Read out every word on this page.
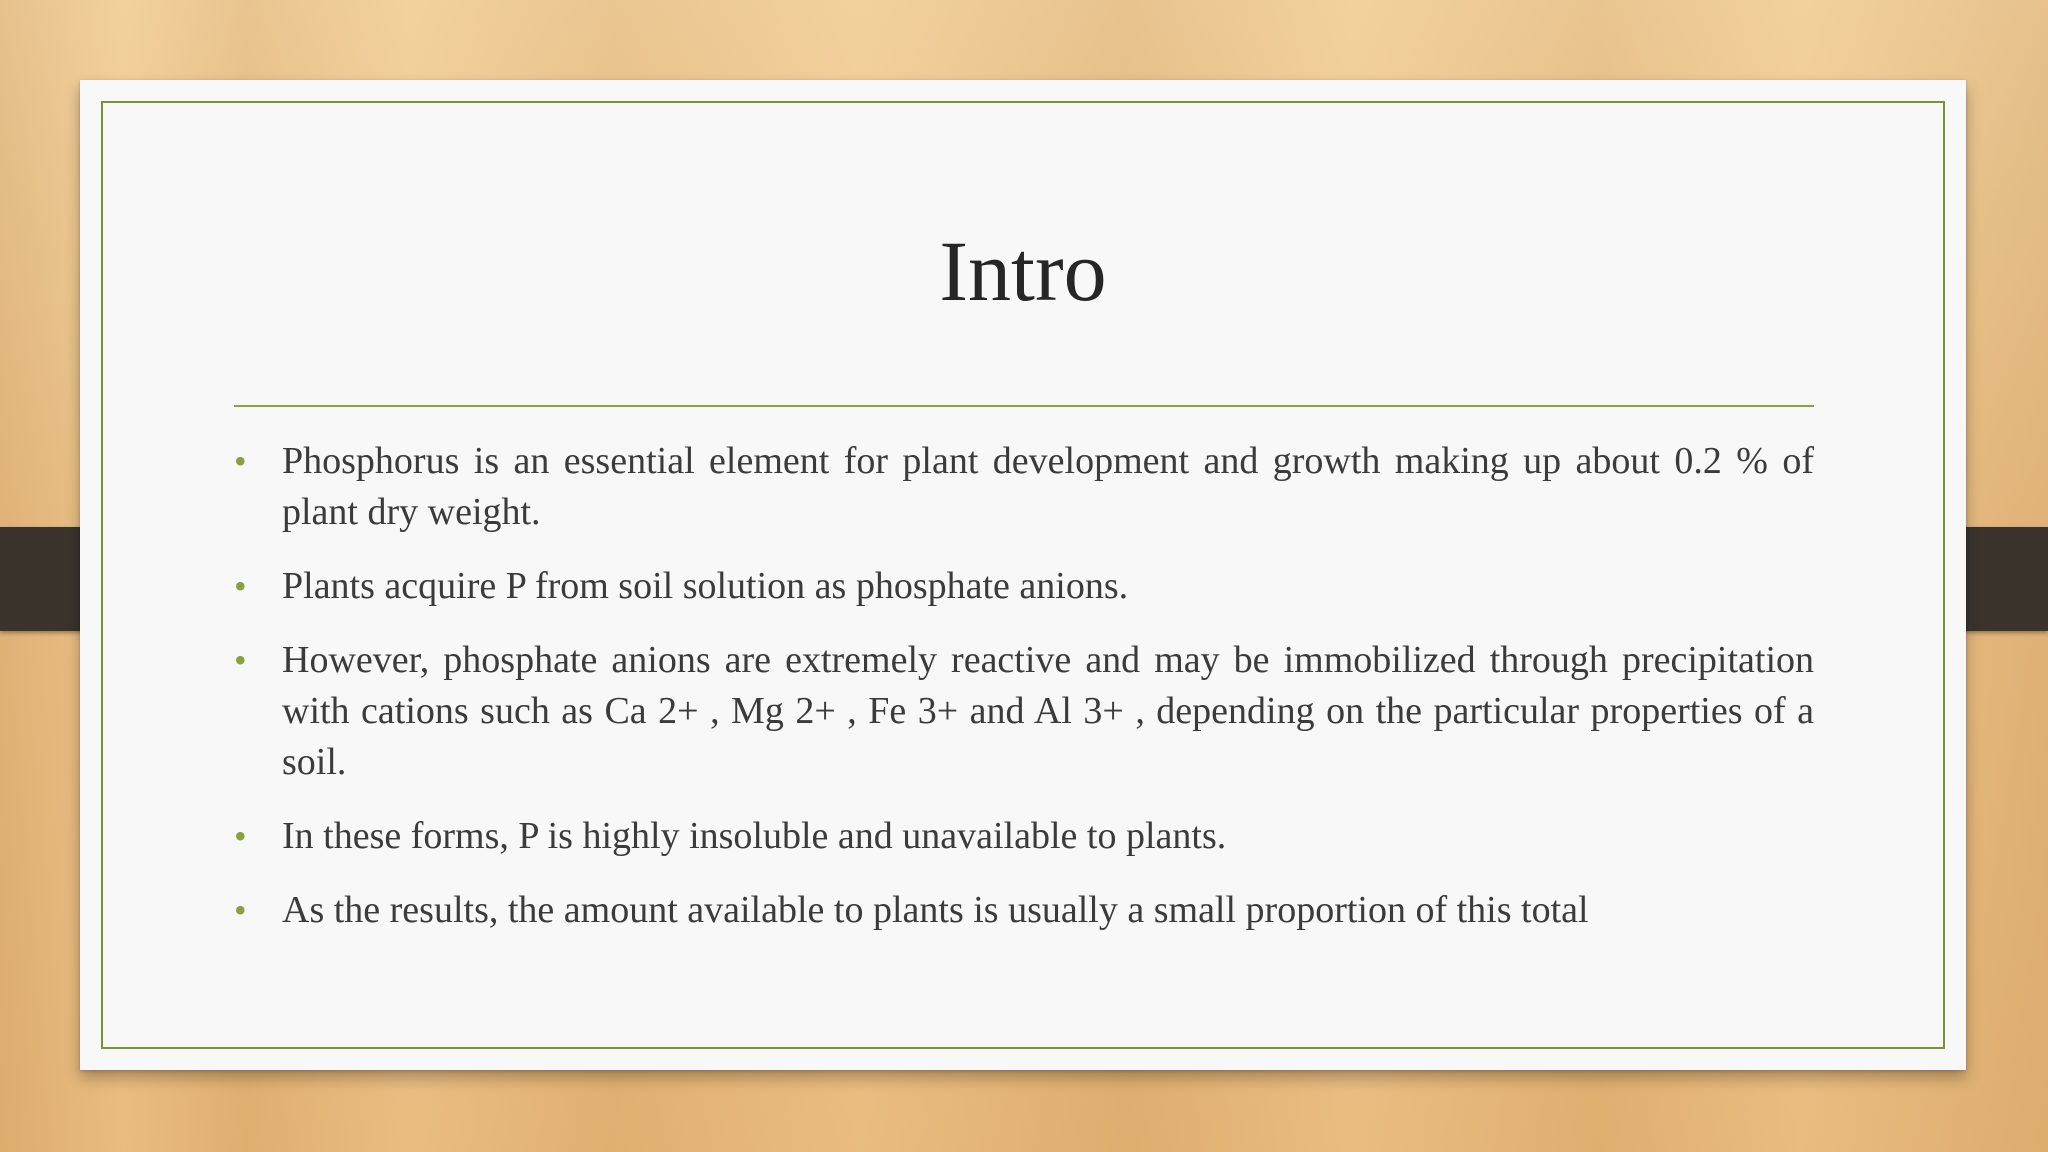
Intro
• Phosphorus is an essential element for plant development and growth making up about 0.2 % of plant dry weight.
• Plants acquire P from soil solution as phosphate anions.
• However, phosphate anions are extremely reactive and may be immobilized through precipitation with cations such as Ca 2+ , Mg 2+ , Fe 3+ and Al 3+ , depending on the particular properties of a soil.
• In these forms, P is highly insoluble and unavailable to plants.
• As the results, the amount available to plants is usually a small proportion of this total
